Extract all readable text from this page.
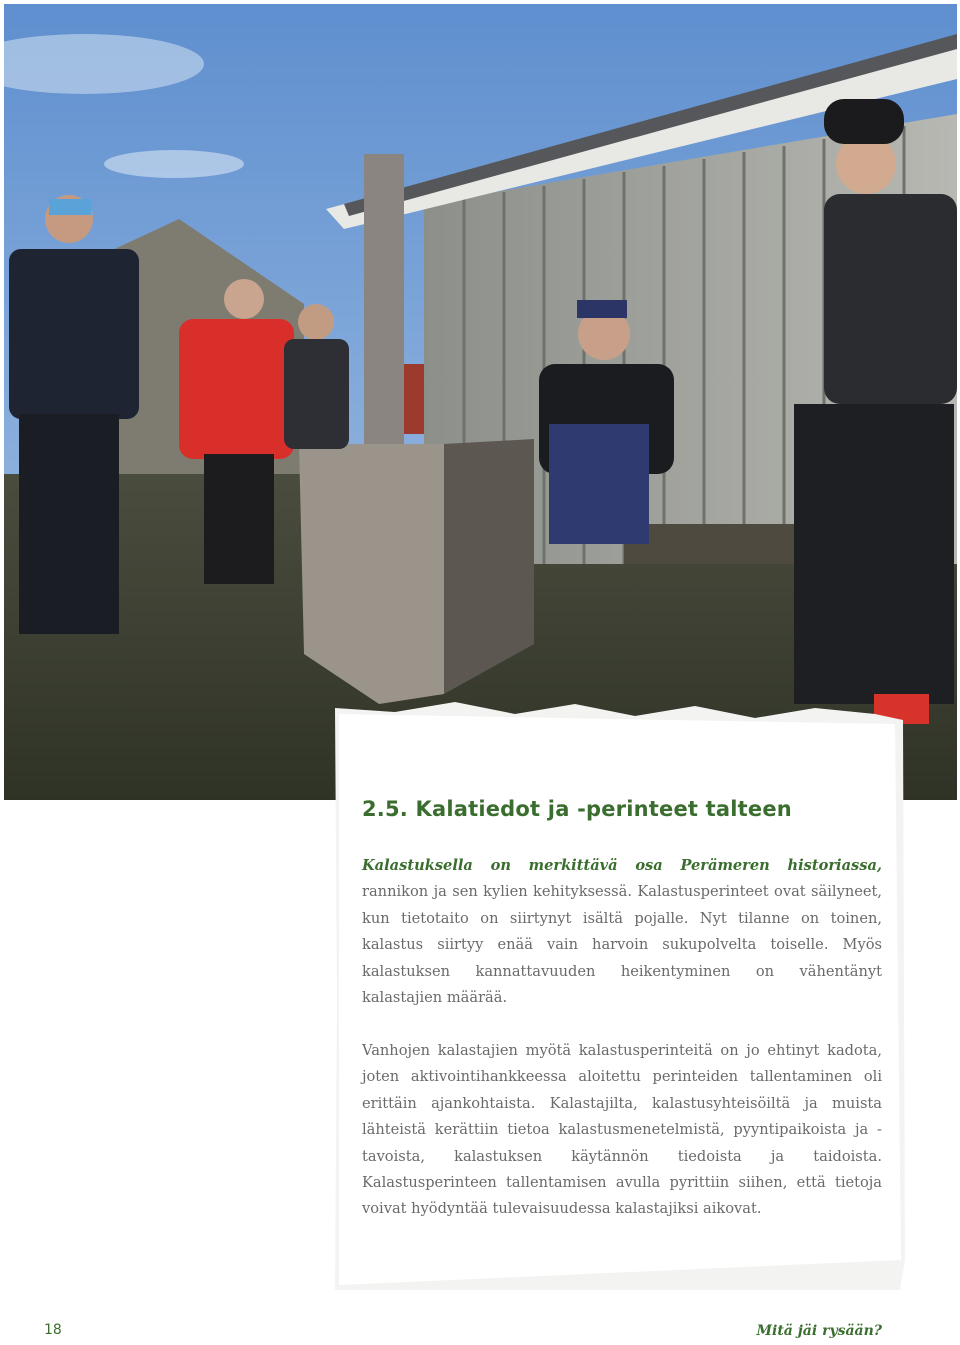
2.5. Kalatiedot ja -perinteet talteen

Kalastuksella on merkittävä osa Perämeren historiassa, rannikon ja sen kylien kehityksessä. Kalastusperinteet ovat säilyneet, kun tietotaito on siirtynyt isältä pojalle. Nyt tilanne on toinen, kalastus siirtyy enää vain harvoin sukupolvelta toiselle. Myös kalastuksen kannattavuuden heikentyminen on vähentänyt kalastajien määrää.

Vanhojen kalastajien myötä kalastusperinteitä on jo ehtinyt kadota, joten aktivointihankkeessa aloitettu perinteiden tallentaminen oli erittäin ajankohtaista. Kalastajilta, kalastusyhteisöiltä ja muista lähteistä kerättiin tietoa kalastusmenetelmistä, pyyntipaikoista ja -tavoista, kalastuksen käytännön tiedoista ja taidoista. Kalastusperinteen tallentamisen avulla pyrittiin siihen, että tietoja voivat hyödyntää tulevaisuudessa kalastajiksi aikovat.

18	Mitä jäi rysään?
